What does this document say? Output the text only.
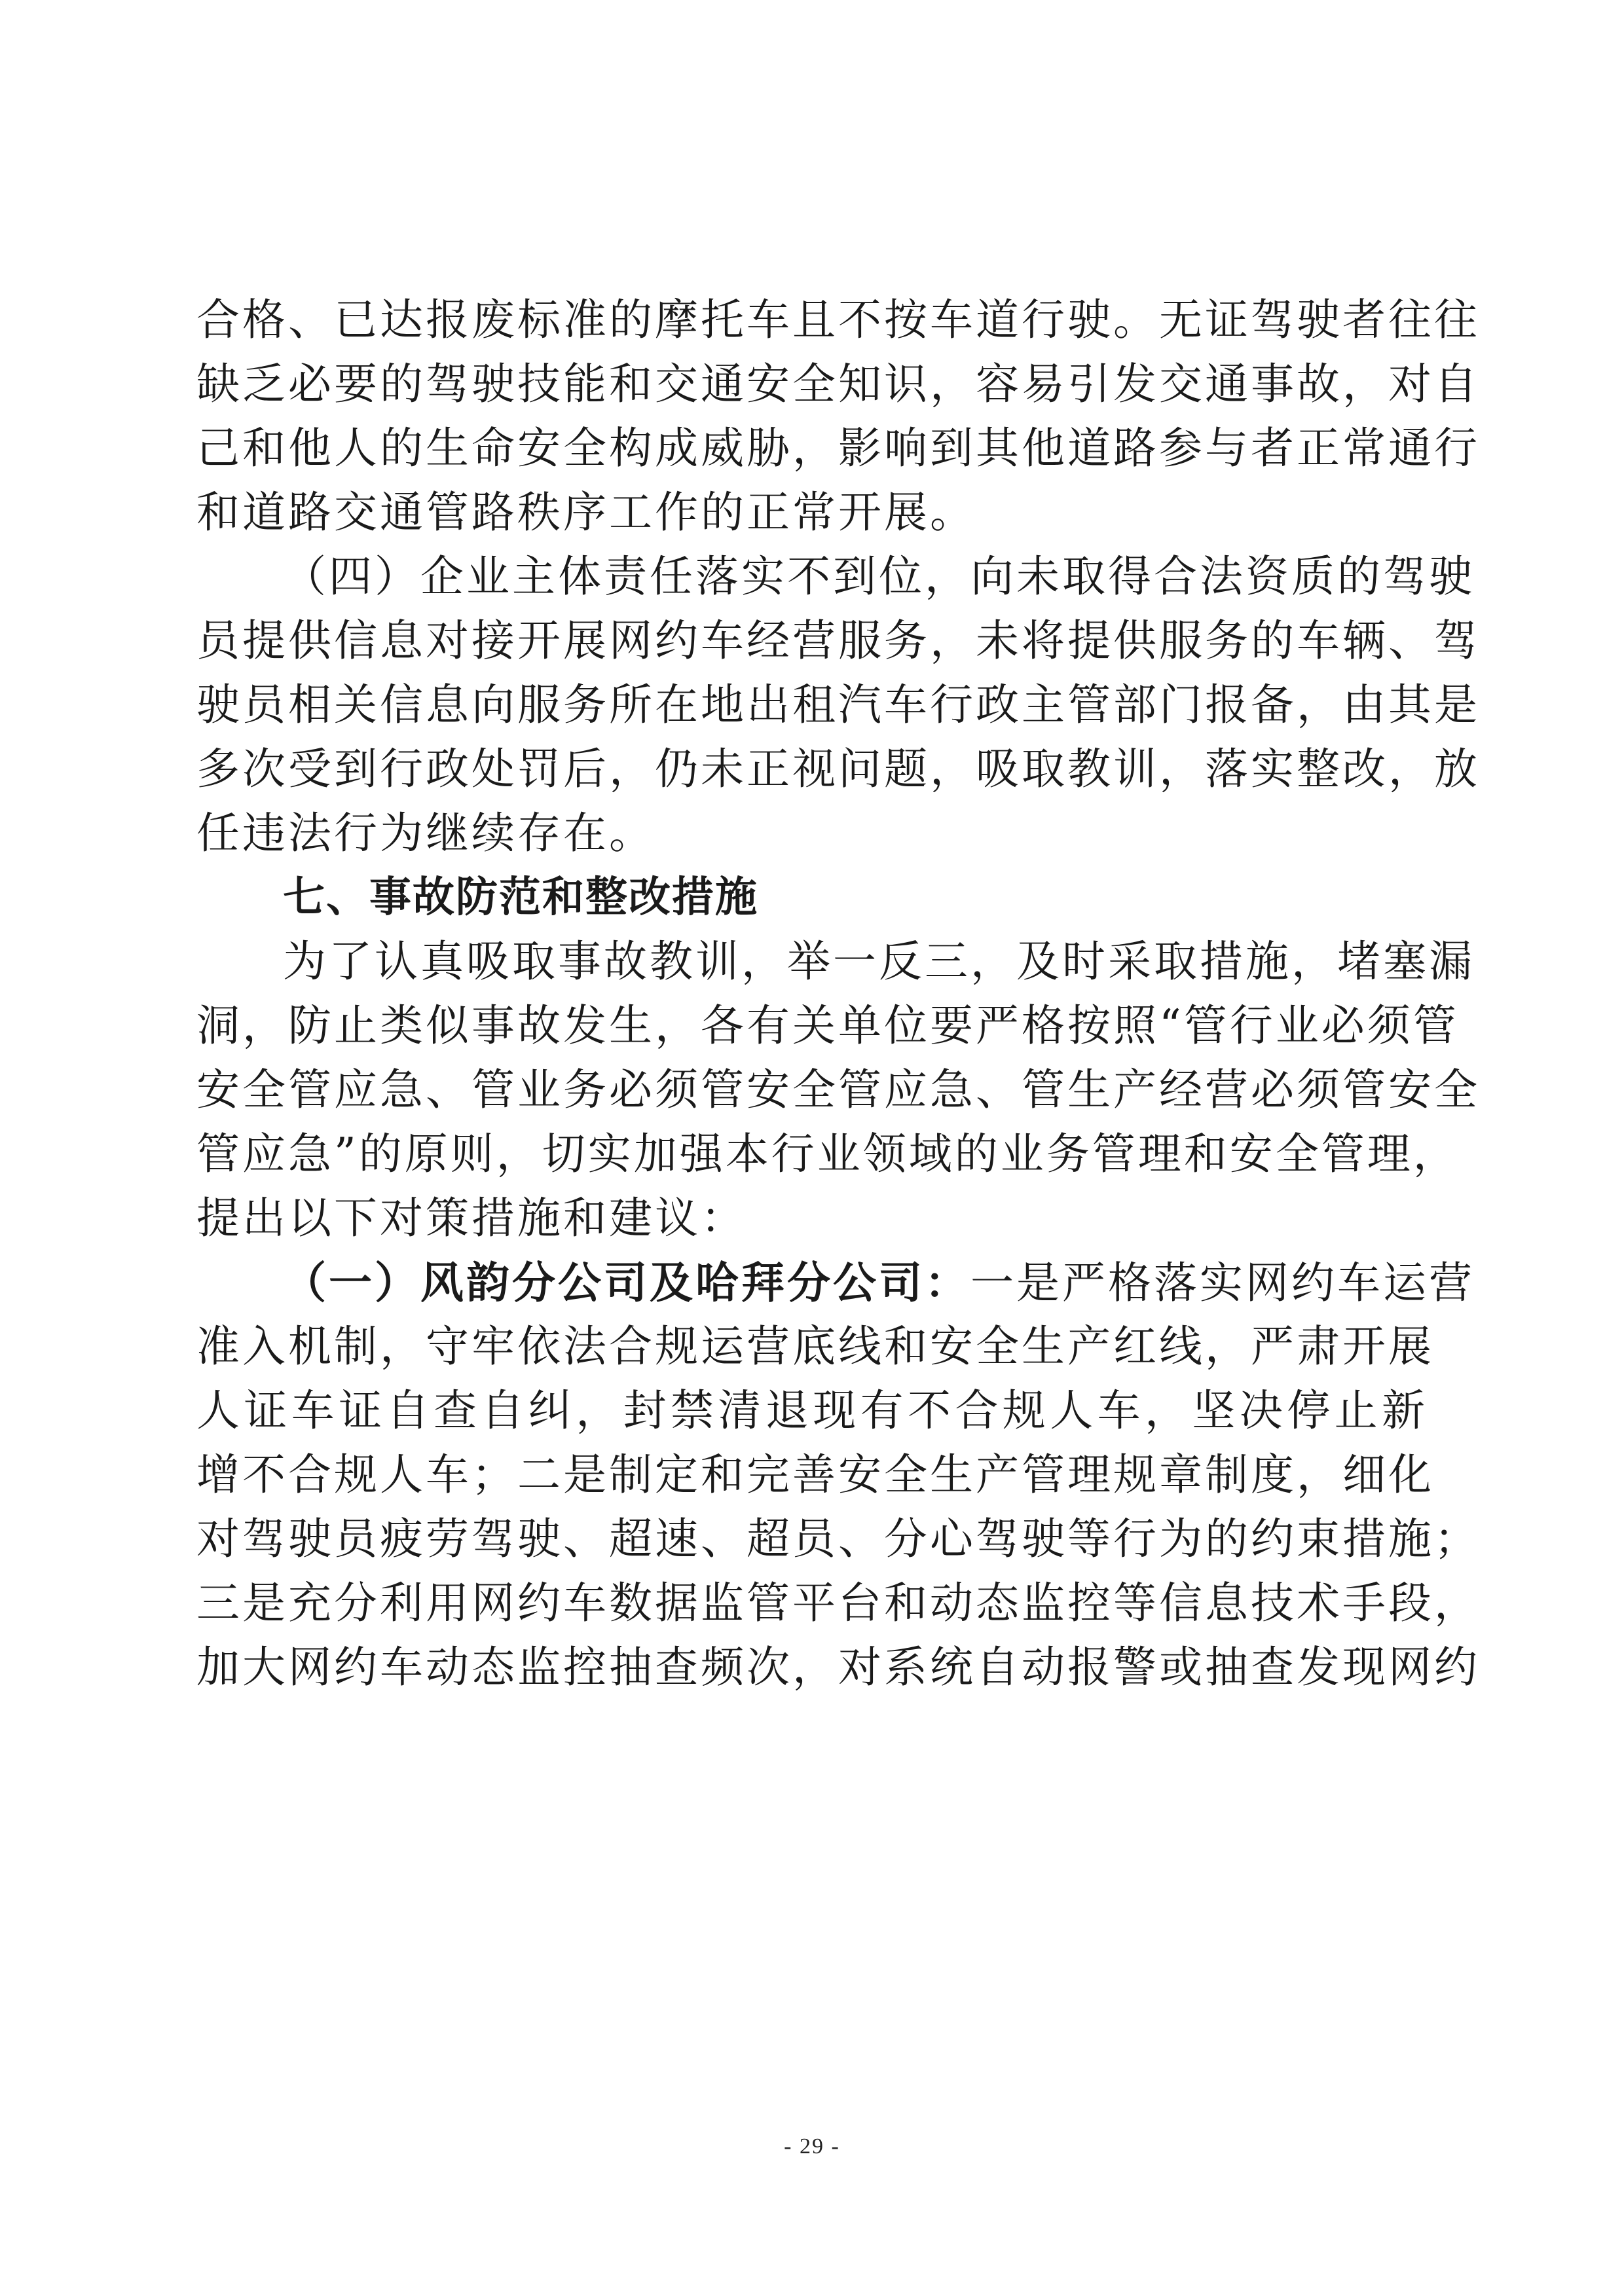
合格、已达报废标准的摩托车且不按车道行驶。无证驾驶者往往
缺乏必要的驾驶技能和交通安全知识，容易引发交通事故，对自
己和他人的生命安全构成威胁，影响到其他道路参与者正常通行
和道路交通管路秩序工作的正常开展。
（四）企业主体责任落实不到位，向未取得合法资质的驾驶
员提供信息对接开展网约车经营服务，未将提供服务的车辆、驾
驶员相关信息向服务所在地出租汽车行政主管部门报备，由其是
多次受到行政处罚后，仍未正视问题，吸取教训，落实整改，放
任违法行为继续存在。
七、事故防范和整改措施
为了认真吸取事故教训，举一反三，及时采取措施，堵塞漏
洞，防止类似事故发生，各有关单位要严格按照“管行业必须管
安全管应急、管业务必须管安全管应急、管生产经营必须管安全
管应急”的原则，切实加强本行业领域的业务管理和安全管理，
提出以下对策措施和建议：
（一）风韵分公司及哈拜分公司：一是严格落实网约车运营
准入机制，守牢依法合规运营底线和安全生产红线，严肃开展
人证车证自查自纠，封禁清退现有不合规人车，坚决停止新
增不合规人车；二是制定和完善安全生产管理规章制度，细化
对驾驶员疲劳驾驶、超速、超员、分心驾驶等行为的约束措施；
三是充分利用网约车数据监管平台和动态监控等信息技术手段，
加大网约车动态监控抽查频次，对系统自动报警或抽查发现网约
- 29 -
